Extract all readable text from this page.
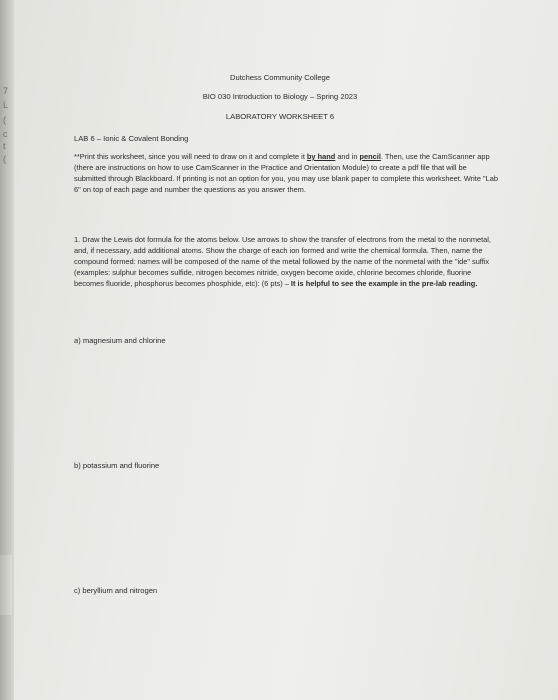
7
L
(
c
t
(
Dutchess Community College
BIO 030 Introduction to Biology – Spring 2023
LABORATORY WORKSHEET 6
LAB 6 – Ionic & Covalent Bonding
**Print this worksheet, since you will need to draw on it and complete it by hand and in pencil. Then, use the CamScanner app (there are instructions on how to use CamScanner in the Practice and Orientation Module) to create a pdf file that will be submitted through Blackboard. If printing is not an option for you, you may use blank paper to complete this worksheet. Write "Lab 6" on top of each page and number the questions as you answer them.
1. Draw the Lewis dot formula for the atoms below. Use arrows to show the transfer of electrons from the metal to the nonmetal, and, if necessary, add additional atoms. Show the charge of each ion formed and write the chemical formula. Then, name the compound formed: names will be composed of the name of the metal followed by the name of the nonmetal with the "ide" suffix (examples: sulphur becomes sulfide, nitrogen becomes nitride, oxygen become oxide, chlorine becomes chloride, fluorine becomes fluoride, phosphorus becomes phosphide, etc): (6 pts) – It is helpful to see the example in the pre-lab reading.
a) magnesium and chlorine
b) potassium and fluorine
c) beryllium and nitrogen
